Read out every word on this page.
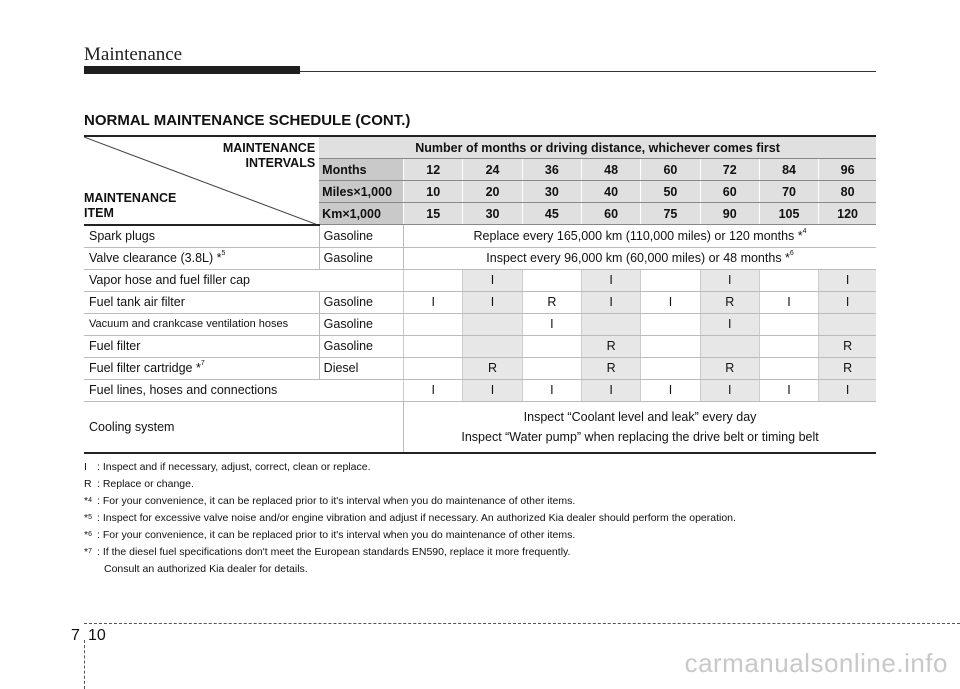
Maintenance
NORMAL MAINTENANCE SCHEDULE (CONT.)
MAINTENANCE
INTERVALS
MAINTENANCE
ITEM	Number of months or driving distance, whichever comes first								
	Months	12	24	36	48	60	72	84	96
	Miles×1,000	10	20	30	40	50	60	70	80
	Km×1,000	15	30	45	60	75	90	105	120
Spark plugs	Gasoline	Replace every 165,000 km (110,000 miles) or 120 months *$^4$
Valve clearance (3.8L) *$^5$	Gasoline	Inspect every 96,000 km (60,000 miles) or 48 months *$^6$
Vapor hose and fuel filler cap			I		I		I		I
Fuel tank air filter	Gasoline	I	I	R	I	I	R	I	I
Vacuum and crankcase ventilation hoses	Gasoline			I			I		
Fuel filter	Gasoline				R				R
Fuel filter cartridge *$^7$	Diesel		R		R		R		R
Fuel lines, hoses and connections		I	I	I	I	I	I	I	I
Cooling system		Inspect “Coolant level and leak” every day
Inspect “Water pump” when replacing the drive belt or timing belt							
I : Inspect and if necessary, adjust, correct, clean or replace.
R : Replace or change.
*$^4$ : For your convenience, it can be replaced prior to it's interval when you do maintenance of other items.
*$^5$ : Inspect for excessive valve noise and/or engine vibration and adjust if necessary. An authorized Kia dealer should perform the operation.
*$^6$ : For your convenience, it can be replaced prior to it's interval when you do maintenance of other items.
*$^7$ : If the diesel fuel specifications don't meet the European standards EN590, replace it more frequently.
Consult an authorized Kia dealer for details.
7 10
carmanualsonline.info
